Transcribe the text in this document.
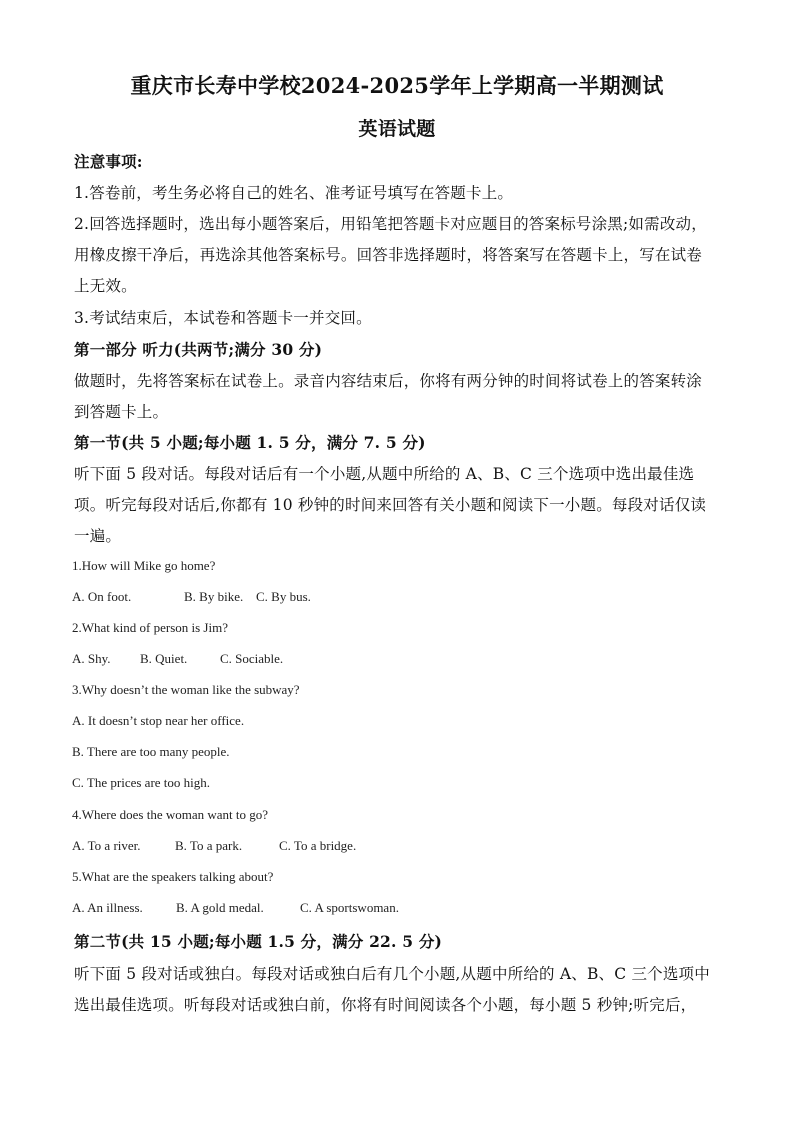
重庆市长寿中学校2024-2025学年上学期高一半期测试
英语试题
注意事项:
1.答卷前，考生务必将自己的姓名、准考证号填写在答题卡上。
2.回答选择题时，选出每小题答案后，用铅笔把答题卡对应题目的答案标号涂黑;如需改动，
用橡皮擦干净后，再选涂其他答案标号。回答非选择题时，将答案写在答题卡上，写在试卷
上无效。
3.考试结束后，本试卷和答题卡一并交回。
第一部分 听力(共两节;满分 30 分)
做题时，先将答案标在试卷上。录音内容结束后，你将有两分钟的时间将试卷上的答案转涂
到答题卡上。
第一节(共 5 小题;每小题 1. 5 分，满分 7. 5 分)
听下面 5 段对话。每段对话后有一个小题,从题中所给的 A、B、C 三个选项中选出最佳选
项。听完每段对话后,你都有 10 秒钟的时间来回答有关小题和阅读下一小题。每段对话仅读
一遍。
1.How will Mike go home?
A. On foot.	B. By bike. C. By bus.
2.What kind of person is Jim?
A. Shy. B. Quiet.	C. Sociable.
3.Why doesn’t the woman like the subway?
A. It doesn’t stop near her office.
B. There are too many people.
C. The prices are too high.
4.Where does the woman want to go?
A. To a river.	B. To a park.	C. To a bridge.
5.What are the speakers talking about?
A. An illness.	B. A gold medal.	C. A sportswoman.
第二节(共 15 小题;每小题 1.5 分，满分 22. 5 分)
听下面 5 段对话或独白。每段对话或独白后有几个小题,从题中所给的 A、B、C 三个选项中
选出最佳选项。听每段对话或独白前，你将有时间阅读各个小题，每小题 5 秒钟;听完后，
